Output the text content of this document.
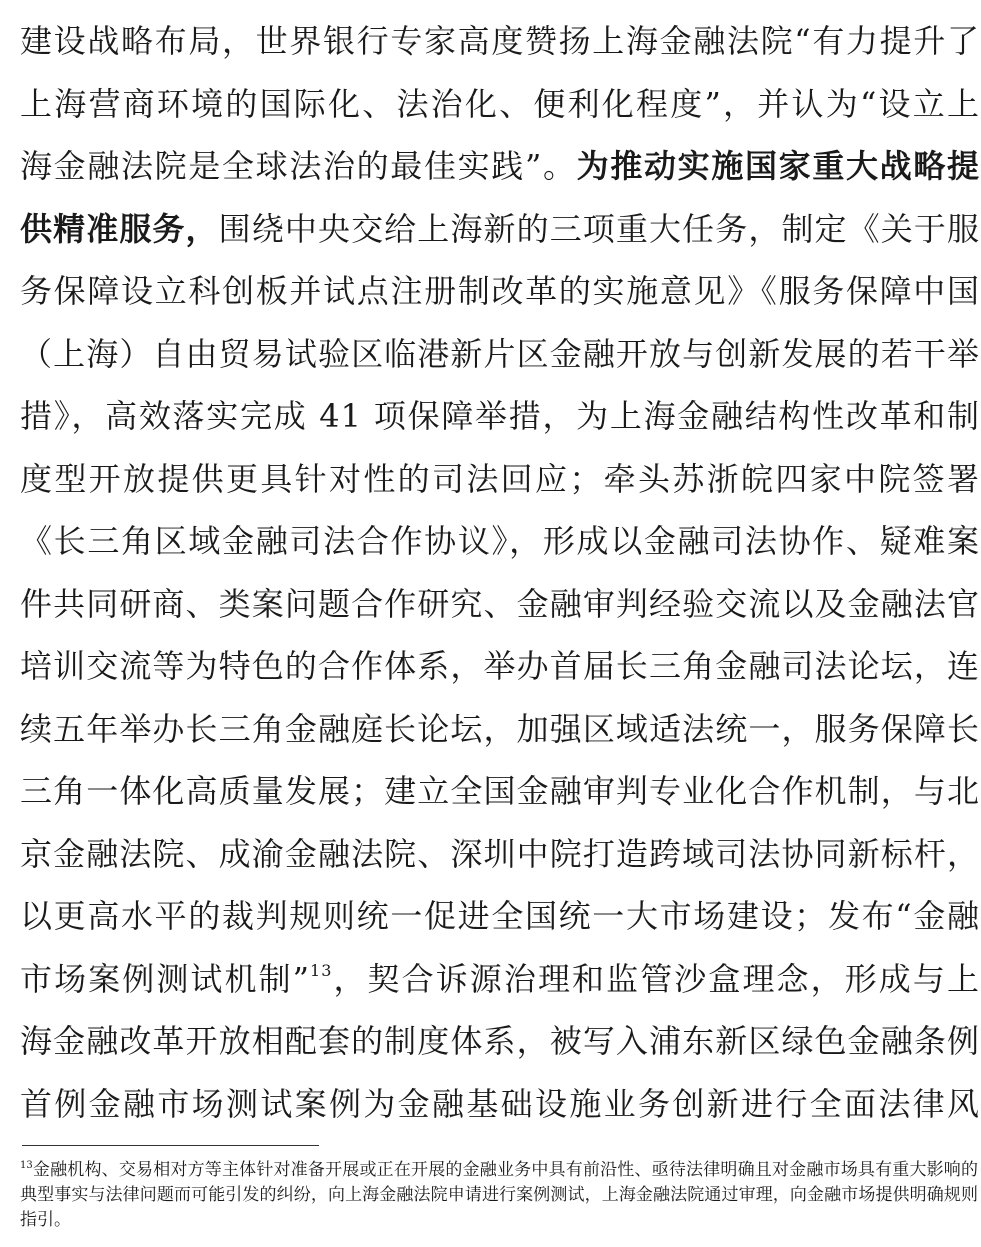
建设战略布局，世界银行专家高度赞扬上海金融法院“有力提升了
上海营商环境的国际化、法治化、便利化程度”，并认为“设立上
海金融法院是全球法治的最佳实践”。为推动实施国家重大战略提
供精准服务，围绕中央交给上海新的三项重大任务，制定《关于服
务保障设立科创板并试点注册制改革的实施意见》《服务保障中国
（上海）自由贸易试验区临港新片区金融开放与创新发展的若干举
措》，高效落实完成 41 项保障举措，为上海金融结构性改革和制
度型开放提供更具针对性的司法回应；牵头苏浙皖四家中院签署
《长三角区域金融司法合作协议》，形成以金融司法协作、疑难案
件共同研商、类案问题合作研究、金融审判经验交流以及金融法官
培训交流等为特色的合作体系，举办首届长三角金融司法论坛，连
续五年举办长三角金融庭长论坛，加强区域适法统一，服务保障长
三角一体化高质量发展；建立全国金融审判专业化合作机制，与北
京金融法院、成渝金融法院、深圳中院打造跨域司法协同新标杆，
以更高水平的裁判规则统一促进全国统一大市场建设；发布“金融
市场案例测试机制”$^{13}$，契合诉源治理和监管沙盒理念，形成与上
海金融改革开放相配套的制度体系，被写入浦东新区绿色金融条例
首例金融市场测试案例为金融基础设施业务创新进行全面法律风
$^{13}$金融机构、交易相对方等主体针对准备开展或正在开展的金融业务中具有前沿性、亟待法律明确且对金融市场具有重大影响的典型事实与法律问题而可能引发的纠纷，向上海金融法院申请进行案例测试，上海金融法院通过审理，向金融市场提供明确规则指引。
